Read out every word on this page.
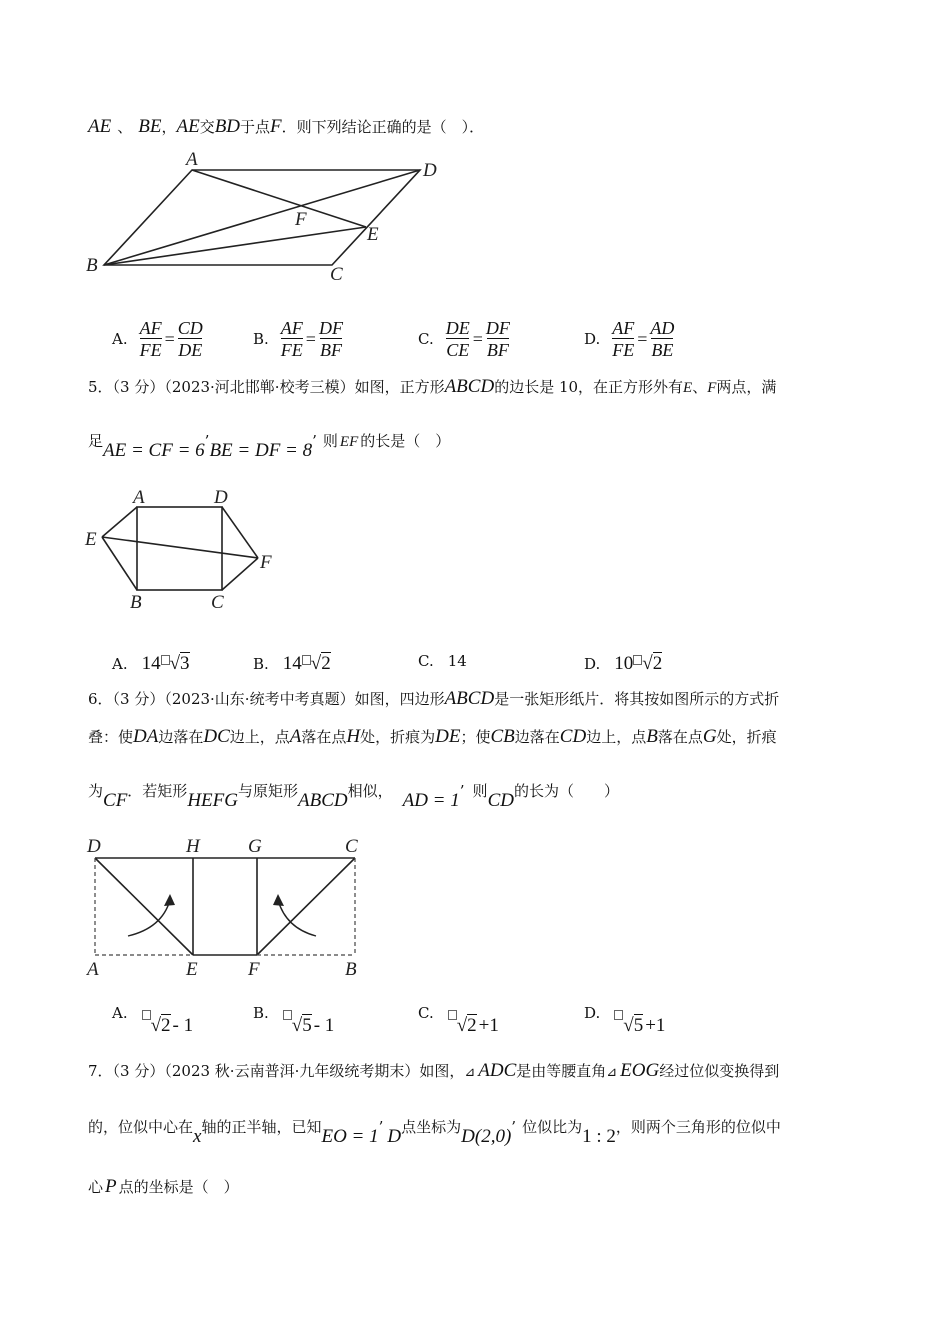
AE 、 BE，AE交BD于点F．则下列结论正确的是（　）．
A
D
F
E
B	C
A. $\frac{AF}{FE} = \frac{CD}{DE}$	B. $\frac{AF}{FE} = \frac{DF}{BF}$	C. $\frac{DE}{CE} = \frac{DF}{BF}$	D. $\frac{AF}{FE} = \frac{AD}{BE}$
5．（3 分）（2023·河北邯郸·校考三模）如图，正方形ABCD的边长是 10，在正方形外有E、F两点，满
足AE = CF = 6’BE = DF = 8’ 则 EF 的长是（　）
A	D
E
F
B	C
A. 14 √3	B. 14 √2	C. 14	D. 10 √2
6．（3 分）（2023·山东·统考中考真题）如图，四边形ABCD是一张矩形纸片．将其按如图所示的方式折
叠：使DA边落在DC边上，点A落在点H处，折痕为DE；使CB边落在CD边上，点B落在点G处，折痕
为CF．若矩形HEFG与原矩形ABCD相似， AD = 1’ 则CD的长为（　　）
D	H	G	C
A	E	F	B
A.√2 - 1
B.√5 - 1
C.√2 +1
D.√5 +1
7．（3 分）（2023 秋·云南普洱·九年级统考期末）如图，⊿ ADC是由等腰直角⊿ EOG经过位似变换得到
的，位似中心在x轴的正半轴，已知EO = 1’ D点坐标为D(2,0)’ 位似比为1 : 2，则两个三角形的位似中
心 P 点的坐标是（　）
